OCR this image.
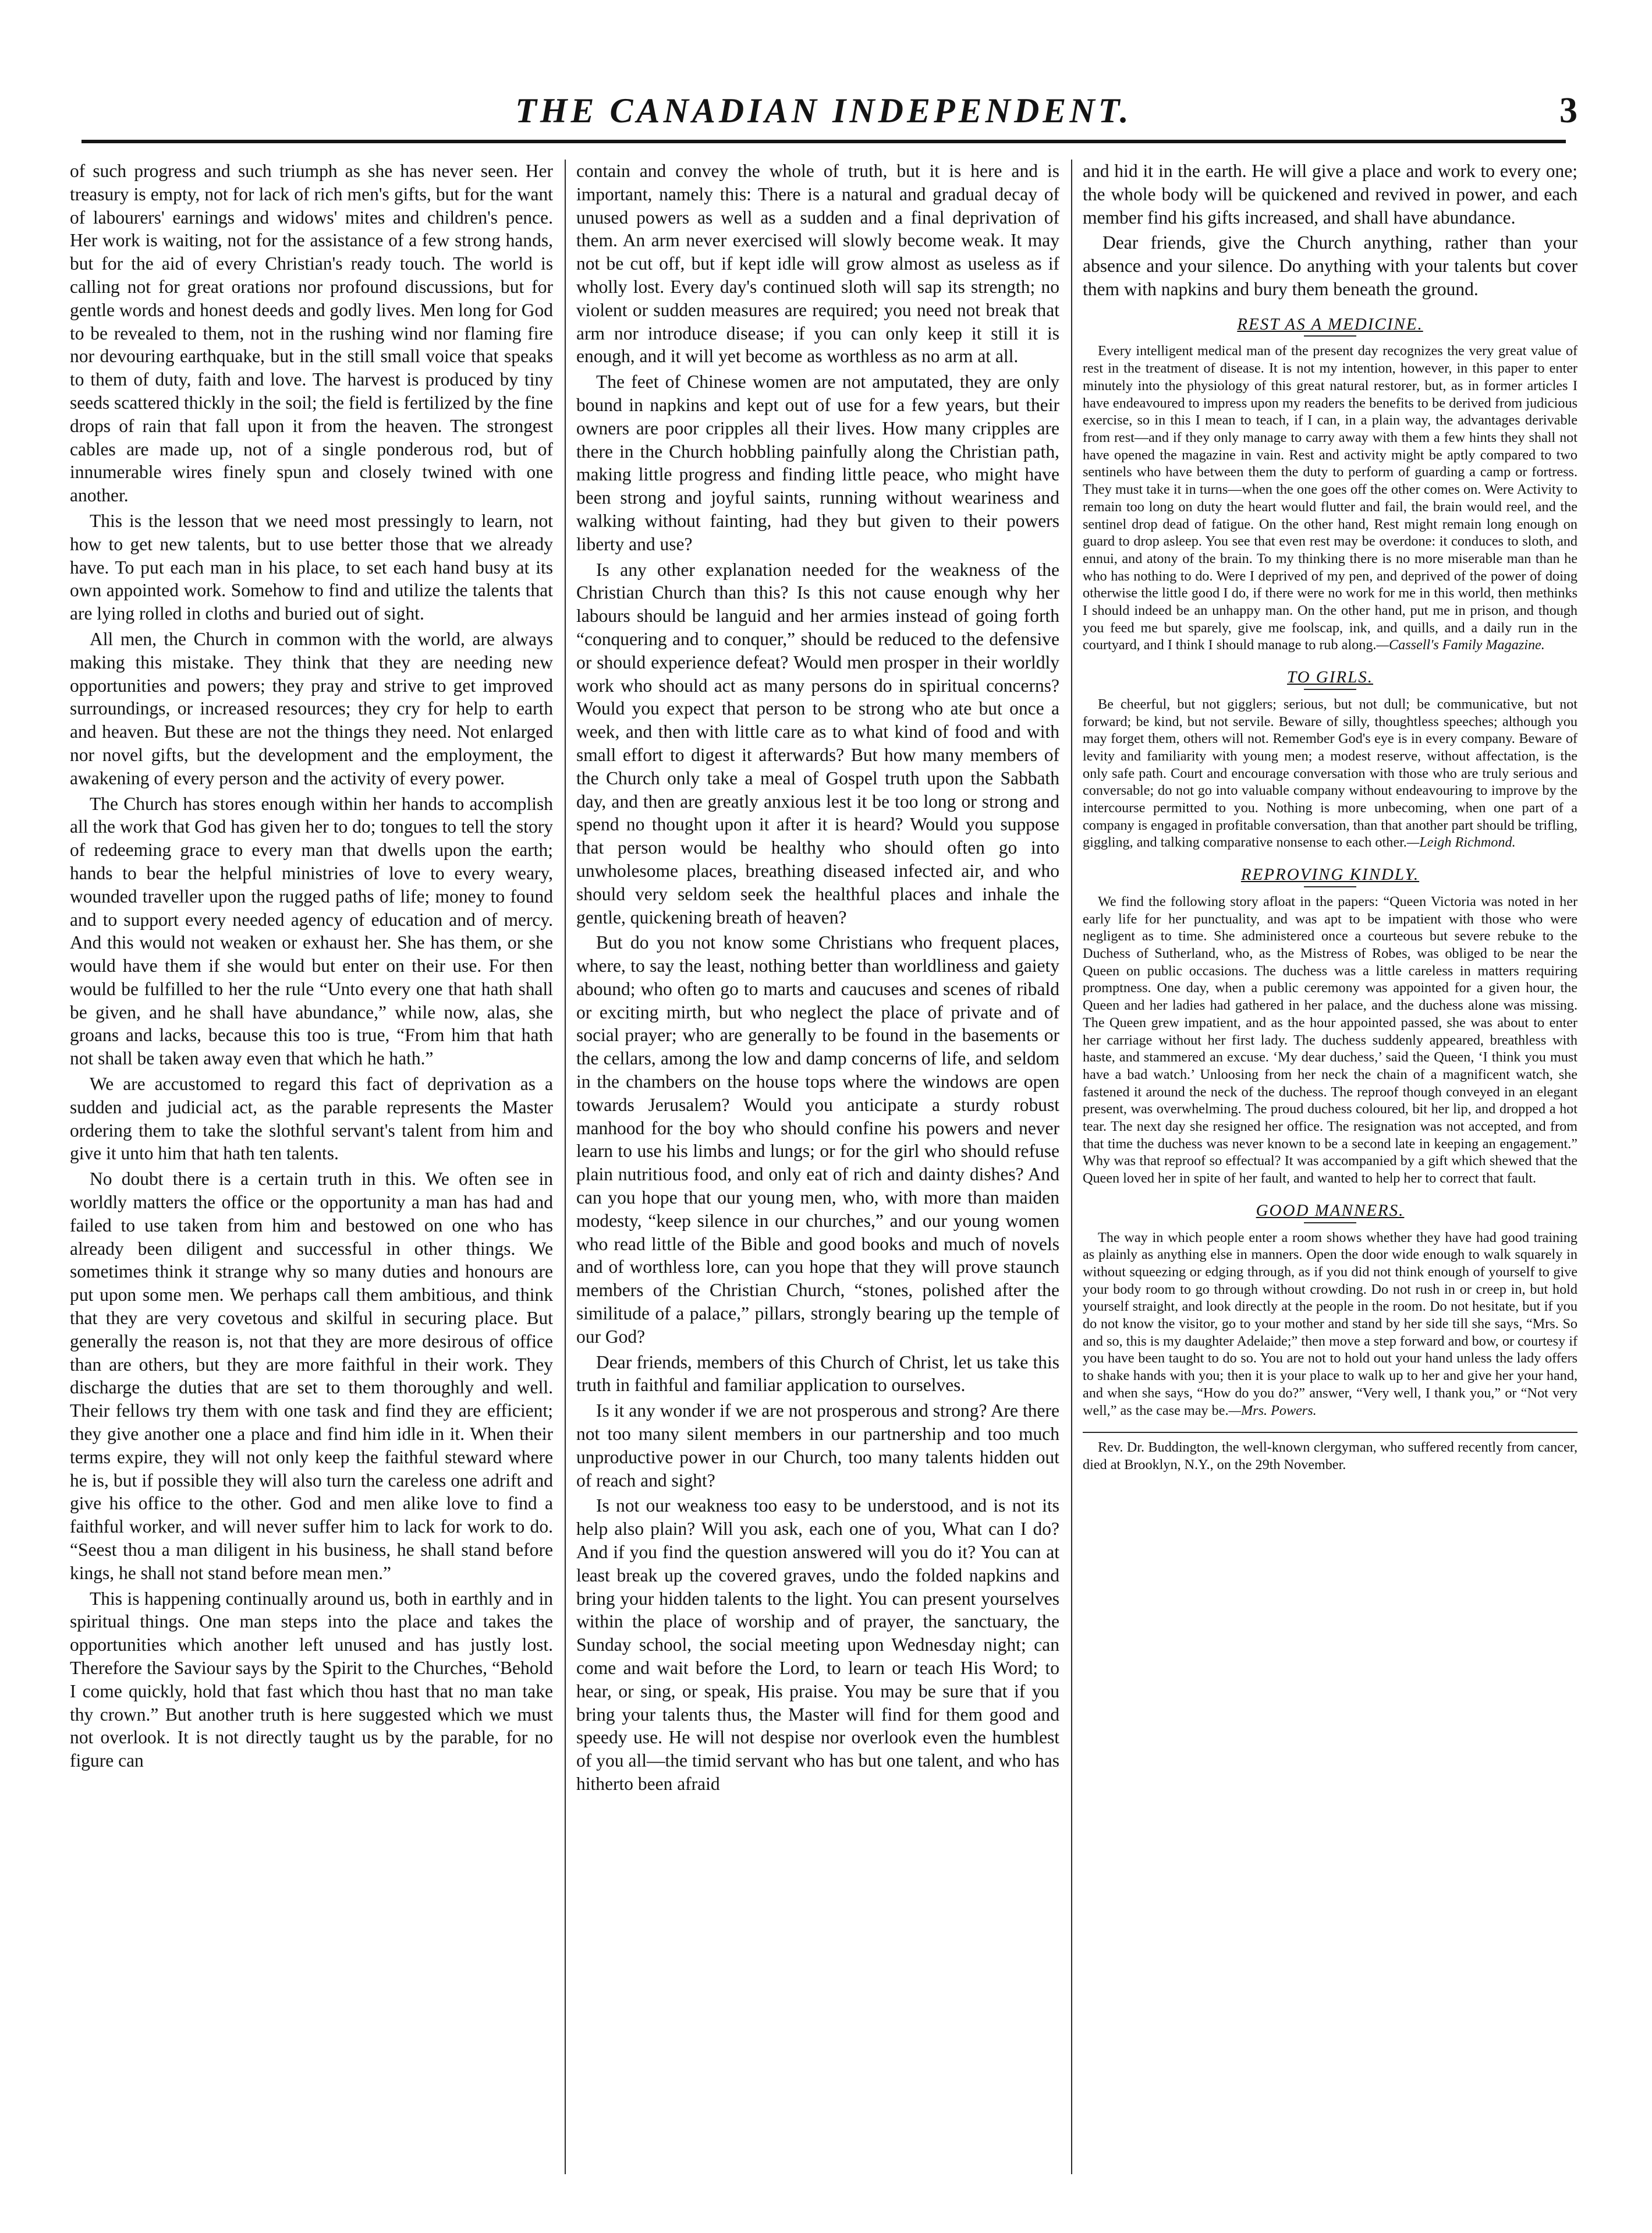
THE CANADIAN INDEPENDENT.	3

of such progress and such triumph as she has never seen. Her treasury is empty, not for lack of rich men's gifts, but for the want of labourers' earnings and widows' mites and children's pence. Her work is waiting, not for the assistance of a few strong hands, but for the aid of every Christian's ready touch. The world is calling not for great orations nor profound discussions, but for gentle words and honest deeds and godly lives. Men long for God to be revealed to them, not in the rushing wind nor flaming fire nor devouring earthquake, but in the still small voice that speaks to them of duty, faith and love. The harvest is produced by tiny seeds scattered thickly in the soil; the field is fertilized by the fine drops of rain that fall upon it from the heaven. The strongest cables are made up, not of a single ponderous rod, but of innumerable wires finely spun and closely twined with one another.

This is the lesson that we need most pressingly to learn, not how to get new talents, but to use better those that we already have. To put each man in his place, to set each hand busy at its own appointed work. Somehow to find and utilize the talents that are lying rolled in cloths and buried out of sight.

All men, the Church in common with the world, are always making this mistake. They think that they are needing new opportunities and powers; they pray and strive to get improved surroundings, or increased resources; they cry for help to earth and heaven. But these are not the things they need. Not enlarged nor novel gifts, but the development and the employment, the awakening of every person and the activity of every power.

The Church has stores enough within her hands to accomplish all the work that God has given her to do; tongues to tell the story of redeeming grace to every man that dwells upon the earth; hands to bear the helpful ministries of love to every weary, wounded traveller upon the rugged paths of life; money to found and to support every needed agency of education and of mercy. And this would not weaken or exhaust her. She has them, or she would have them if she would but enter on their use. For then would be fulfilled to her the rule “Unto every one that hath shall be given, and he shall have abundance,” while now, alas, she groans and lacks, because this too is true, “From him that hath not shall be taken away even that which he hath.”

We are accustomed to regard this fact of deprivation as a sudden and judicial act, as the parable represents the Master ordering them to take the slothful servant's talent from him and give it unto him that hath ten talents.

No doubt there is a certain truth in this. We often see in worldly matters the office or the opportunity a man has had and failed to use taken from him and bestowed on one who has already been diligent and successful in other things. We sometimes think it strange why so many duties and honours are put upon some men. We perhaps call them ambitious, and think that they are very covetous and skilful in securing place. But generally the reason is, not that they are more desirous of office than are others, but they are more faithful in their work. They discharge the duties that are set to them thoroughly and well. Their fellows try them with one task and find they are efficient; they give another one a place and find him idle in it. When their terms expire, they will not only keep the faithful steward where he is, but if possible they will also turn the careless one adrift and give his office to the other. God and men alike love to find a faithful worker, and will never suffer him to lack for work to do. “Seest thou a man diligent in his business, he shall stand before kings, he shall not stand before mean men.”

This is happening continually around us, both in earthly and in spiritual things. One man steps into the place and takes the opportunities which another left unused and has justly lost. Therefore the Saviour says by the Spirit to the Churches, “Behold I come quickly, hold that fast which thou hast that no man take thy crown.” But another truth is here suggested which we must not overlook. It is not directly taught us by the parable, for no figure can

contain and convey the whole of truth, but it is here and is important, namely this: There is a natural and gradual decay of unused powers as well as a sudden and a final deprivation of them. An arm never exercised will slowly become weak. It may not be cut off, but if kept idle will grow almost as useless as if wholly lost. Every day's continued sloth will sap its strength; no violent or sudden measures are required; you need not break that arm nor introduce disease; if you can only keep it still it is enough, and it will yet become as worthless as no arm at all.

The feet of Chinese women are not amputated, they are only bound in napkins and kept out of use for a few years, but their owners are poor cripples all their lives. How many cripples are there in the Church hobbling painfully along the Christian path, making little progress and finding little peace, who might have been strong and joyful saints, running without weariness and walking without fainting, had they but given to their powers liberty and use?

Is any other explanation needed for the weakness of the Christian Church than this? Is this not cause enough why her labours should be languid and her armies instead of going forth “conquering and to conquer,” should be reduced to the defensive or should experience defeat? Would men prosper in their worldly work who should act as many persons do in spiritual concerns? Would you expect that person to be strong who ate but once a week, and then with little care as to what kind of food and with small effort to digest it afterwards? But how many members of the Church only take a meal of Gospel truth upon the Sabbath day, and then are greatly anxious lest it be too long or strong and spend no thought upon it after it is heard? Would you suppose that person would be healthy who should often go into unwholesome places, breathing diseased infected air, and who should very seldom seek the healthful places and inhale the gentle, quickening breath of heaven?

But do you not know some Christians who frequent places, where, to say the least, nothing better than worldliness and gaiety abound; who often go to marts and caucuses and scenes of ribald or exciting mirth, but who neglect the place of private and of social prayer; who are generally to be found in the basements or the cellars, among the low and damp concerns of life, and seldom in the chambers on the house tops where the windows are open towards Jerusalem? Would you anticipate a sturdy robust manhood for the boy who should confine his powers and never learn to use his limbs and lungs; or for the girl who should refuse plain nutritious food, and only eat of rich and dainty dishes? And can you hope that our young men, who, with more than maiden modesty, “keep silence in our churches,” and our young women who read little of the Bible and good books and much of novels and of worthless lore, can you hope that they will prove staunch members of the Christian Church, “stones, polished after the similitude of a palace,” pillars, strongly bearing up the temple of our God?

Dear friends, members of this Church of Christ, let us take this truth in faithful and familiar application to ourselves.

Is it any wonder if we are not prosperous and strong? Are there not too many silent members in our partnership and too much unproductive power in our Church, too many talents hidden out of reach and sight?

Is not our weakness too easy to be understood, and is not its help also plain? Will you ask, each one of you, What can I do? And if you find the question answered will you do it? You can at least break up the covered graves, undo the folded napkins and bring your hidden talents to the light. You can present yourselves within the place of worship and of prayer, the sanctuary, the Sunday school, the social meeting upon Wednesday night; can come and wait before the Lord, to learn or teach His Word; to hear, or sing, or speak, His praise. You may be sure that if you bring your talents thus, the Master will find for them good and speedy use. He will not despise nor overlook even the humblest of you all—the timid servant who has but one talent, and who has hitherto been afraid

and hid it in the earth. He will give a place and work to every one; the whole body will be quickened and revived in power, and each member find his gifts increased, and shall have abundance.

Dear friends, give the Church anything, rather than your absence and your silence. Do anything with your talents but cover them with napkins and bury them beneath the ground.

REST AS A MEDICINE.

Every intelligent medical man of the present day recognizes the very great value of rest in the treatment of disease. It is not my intention, however, in this paper to enter minutely into the physiology of this great natural restorer, but, as in former articles I have endeavoured to impress upon my readers the benefits to be derived from judicious exercise, so in this I mean to teach, if I can, in a plain way, the advantages derivable from rest—and if they only manage to carry away with them a few hints they shall not have opened the magazine in vain. Rest and activity might be aptly compared to two sentinels who have between them the duty to perform of guarding a camp or fortress. They must take it in turns—when the one goes off the other comes on. Were Activity to remain too long on duty the heart would flutter and fail, the brain would reel, and the sentinel drop dead of fatigue. On the other hand, Rest might remain long enough on guard to drop asleep. You see that even rest may be overdone: it conduces to sloth, and ennui, and atony of the brain. To my thinking there is no more miserable man than he who has nothing to do. Were I deprived of my pen, and deprived of the power of doing otherwise the little good I do, if there were no work for me in this world, then methinks I should indeed be an unhappy man. On the other hand, put me in prison, and though you feed me but sparely, give me foolscap, ink, and quills, and a daily run in the courtyard, and I think I should manage to rub along.—Cassell's Family Magazine.

TO GIRLS.

Be cheerful, but not gigglers; serious, but not dull; be communicative, but not forward; be kind, but not servile. Beware of silly, thoughtless speeches; although you may forget them, others will not. Remember God's eye is in every company. Beware of levity and familiarity with young men; a modest reserve, without affectation, is the only safe path. Court and encourage conversation with those who are truly serious and conversable; do not go into valuable company without endeavouring to improve by the intercourse permitted to you. Nothing is more unbecoming, when one part of a company is engaged in profitable conversation, than that another part should be trifling, giggling, and talking comparative nonsense to each other.—Leigh Richmond.

REPROVING KINDLY.

We find the following story afloat in the papers: “Queen Victoria was noted in her early life for her punctuality, and was apt to be impatient with those who were negligent as to time. She administered once a courteous but severe rebuke to the Duchess of Sutherland, who, as the Mistress of Robes, was obliged to be near the Queen on public occasions. The duchess was a little careless in matters requiring promptness. One day, when a public ceremony was appointed for a given hour, the Queen and her ladies had gathered in her palace, and the duchess alone was missing. The Queen grew impatient, and as the hour appointed passed, she was about to enter her carriage without her first lady. The duchess suddenly appeared, breathless with haste, and stammered an excuse. ‘My dear duchess,’ said the Queen, ‘I think you must have a bad watch.’ Unloosing from her neck the chain of a magnificent watch, she fastened it around the neck of the duchess. The reproof though conveyed in an elegant present, was overwhelming. The proud duchess coloured, bit her lip, and dropped a hot tear. The next day she resigned her office. The resignation was not accepted, and from that time the duchess was never known to be a second late in keeping an engagement.” Why was that reproof so effectual? It was accompanied by a gift which shewed that the Queen loved her in spite of her fault, and wanted to help her to correct that fault.

GOOD MANNERS.

The way in which people enter a room shows whether they have had good training as plainly as anything else in manners. Open the door wide enough to walk squarely in without squeezing or edging through, as if you did not think enough of yourself to give your body room to go through without crowding. Do not rush in or creep in, but hold yourself straight, and look directly at the people in the room. Do not hesitate, but if you do not know the visitor, go to your mother and stand by her side till she says, “Mrs. So and so, this is my daughter Adelaide;” then move a step forward and bow, or courtesy if you have been taught to do so. You are not to hold out your hand unless the lady offers to shake hands with you; then it is your place to walk up to her and give her your hand, and when she says, “How do you do?” answer, “Very well, I thank you,” or “Not very well,” as the case may be.—Mrs. Powers.

Rev. Dr. Buddington, the well-known clergyman, who suffered recently from cancer, died at Brooklyn, N.Y., on the 29th November.
